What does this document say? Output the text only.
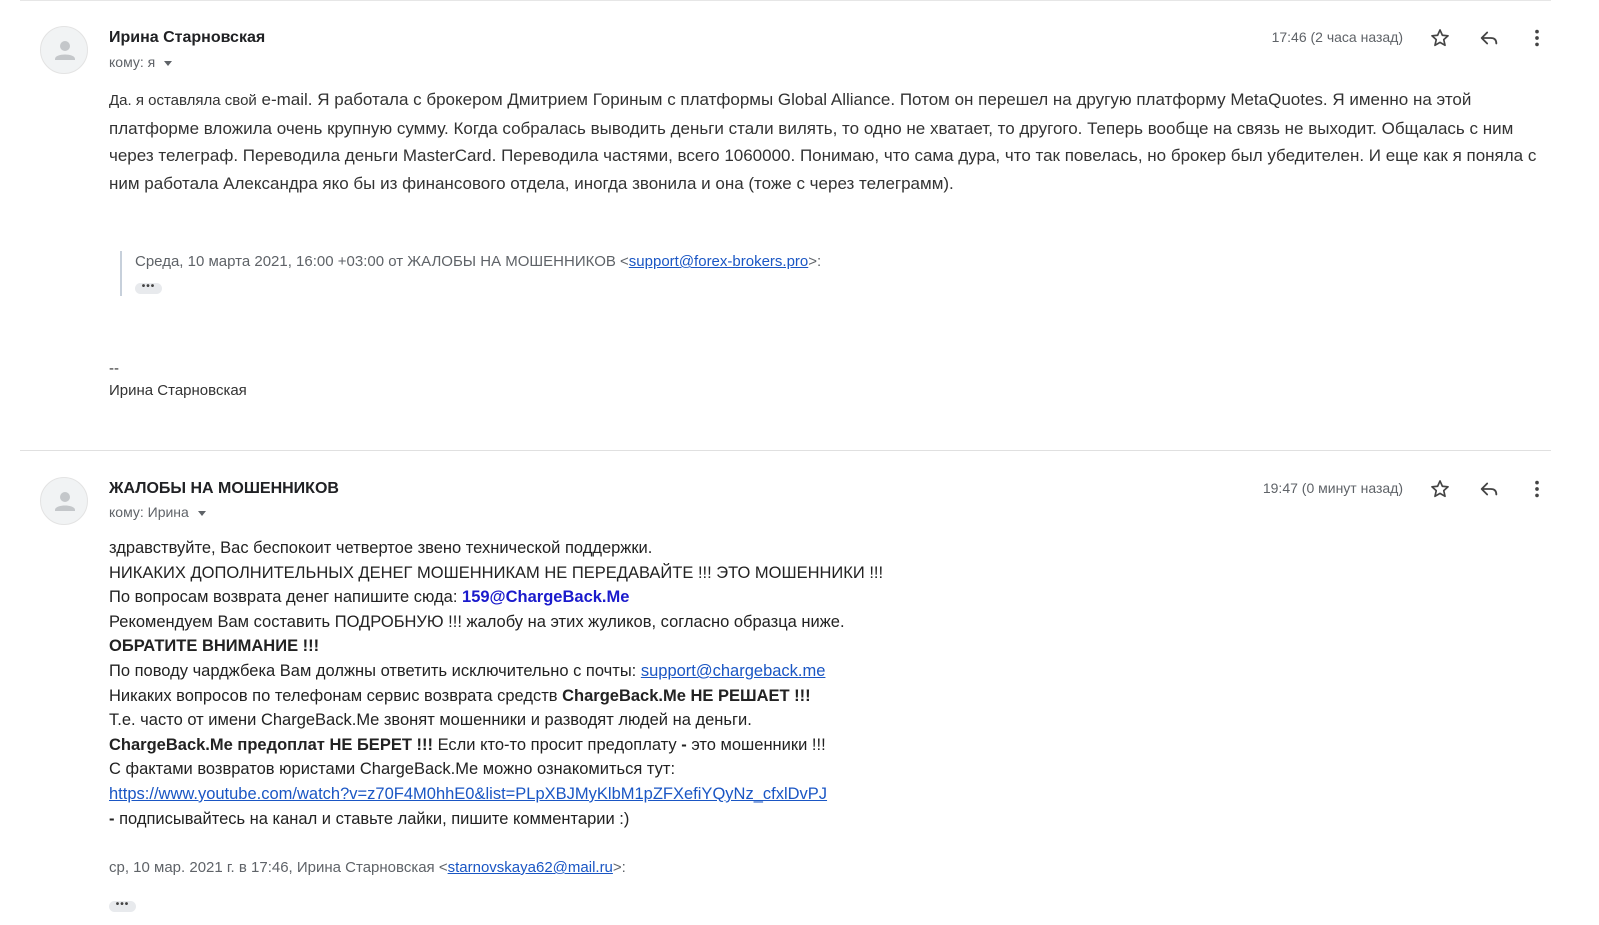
Ирина Старновская
кому: я
17:46 (2 часа назад)
Да. я оставляла свой e-mail. Я работала с брокером Дмитрием Гориным с платформы Global Alliance. Потом он перешел на другую платформу MetaQuotes. Я именно на этой платформе вложила очень крупную сумму. Когда собралась выводить деньги стали вилять, то одно не хватает, то другого. Теперь вообще на связь не выходит. Общалась с ним через телеграф. Переводила деньги MasterCard. Переводила частями, всего 1060000. Понимаю, что сама дура, что так повелась, но брокер был убедителен. И еще как я поняла с ним работала Александра яко бы из финансового отдела, иногда звонила и она (тоже с через телеграмм).
Среда, 10 марта 2021, 16:00 +03:00 от ЖАЛОБЫ НА МОШЕННИКОВ <support@forex-brokers.pro>:
•••
--
Ирина Старновская
ЖАЛОБЫ НА МОШЕННИКОВ
кому: Ирина
19:47 (0 минут назад)
здравствуйте, Вас беспокоит четвертое звено технической поддержки.
НИКАКИХ ДОПОЛНИТЕЛЬНЫХ ДЕНЕГ МОШЕННИКАМ НЕ ПЕРЕДАВАЙТЕ !!! ЭТО МОШЕННИКИ !!!
По вопросам возврата денег напишите сюда: 159@ChargeBack.Me
Рекомендуем Вам составить ПОДРОБНУЮ !!! жалобу на этих жуликов, согласно образца ниже.
ОБРАТИТЕ ВНИМАНИЕ !!!
По поводу чарджбека Вам должны ответить исключительно с почты: support@chargeback.me
Никаких вопросов по телефонам сервис возврата средств ChargeBack.Me НЕ РЕШАЕТ !!!
Т.е. часто от имени ChargeBack.Me звонят мошенники и разводят людей на деньги.
ChargeBack.Me предоплат НЕ БЕРЕТ !!! Если кто-то просит предоплату - это мошенники !!!
С фактами возвратов юристами ChargeBack.Me можно ознакомиться тут:
https://www.youtube.com/watch?v=z70F4M0hhE0&list=PLpXBJMyKlbM1pZFXefiYQyNz_cfxlDvPJ
- подписывайтесь на канал и ставьте лайки, пишите комментарии :)
ср, 10 мар. 2021 г. в 17:46, Ирина Старновская <starnovskaya62@mail.ru>:
•••
